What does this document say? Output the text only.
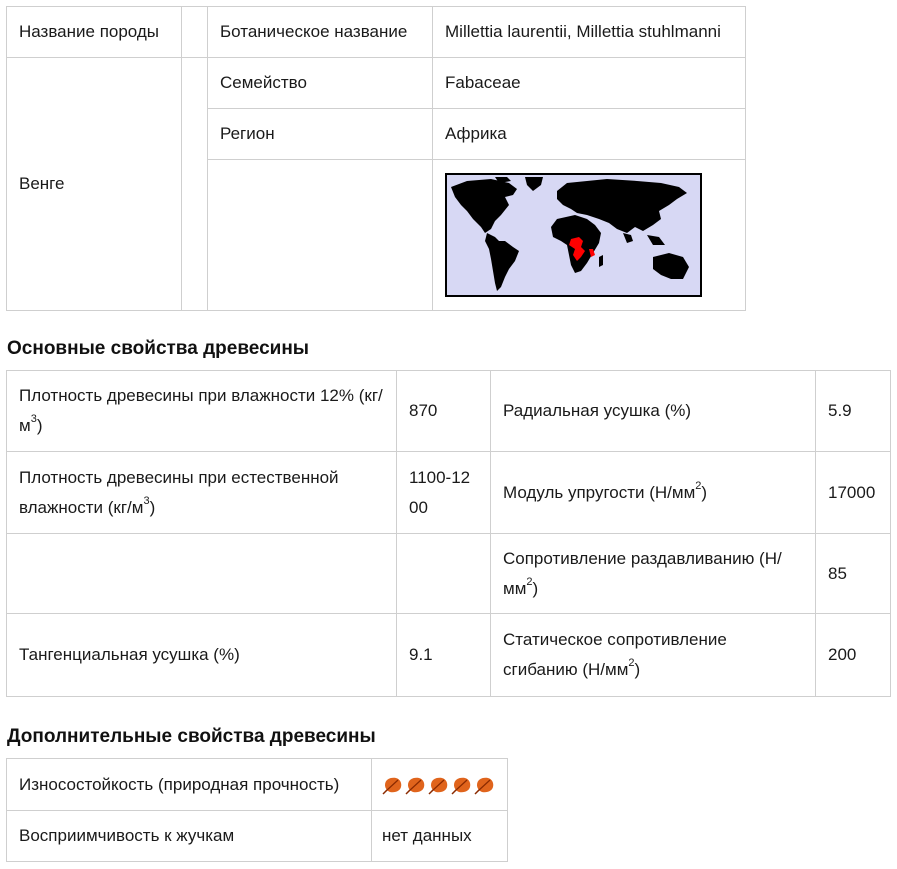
Название породы		Ботаническое название	Millettia laurentii, Millettia stuhlmanni
Венге		Семейство	Fabaceae
		Регион	Африка

Основные свойства древесины
Плотность древесины при влажности 12% $(кг/м^3)$	870	Радиальная усушка (%)	5.9
Плотность древесины при естественной влажности $(кг/м^3)$	1100-1200	Модуль упругости $(Н/мм^2)$	17000
		Сопротивление раздавливанию $(Н/мм^2)$	85
Тангенциальная усушка (%)	9.1	Статическое сопротивление сгибанию $(Н/мм^2)$	200
Дополнительные свойства древесины
Износостойкость (природная прочность)	
Восприимчивость к жучкам	нет данных
